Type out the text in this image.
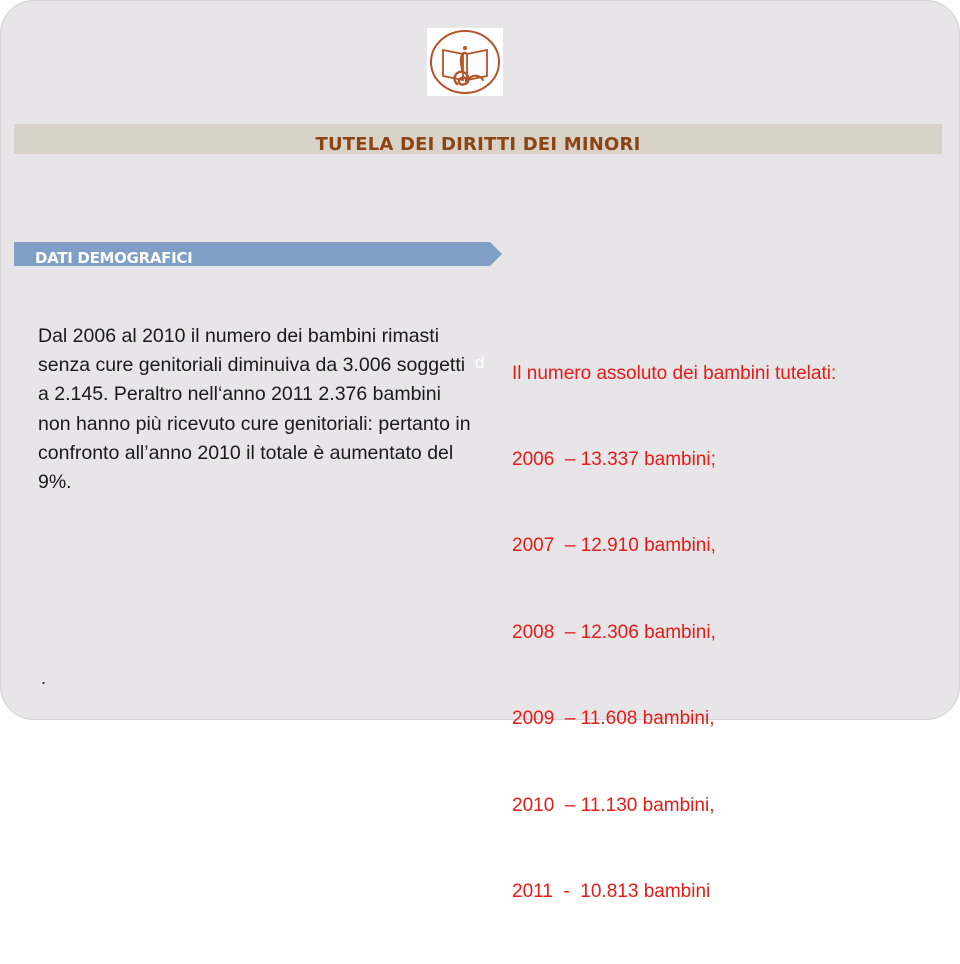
TUTELA DEI DIRITTI DEI MINORI
DATI DEMOGRAFICI

Dal 2006 al 2010 il numero dei bambini rimasti senza cure genitoriali diminuiva da 3.006 soggetti a 2.145. Peraltro nell‘anno 2011 2.376 bambini non hanno più ricevuto cure genitoriali: pertanto in confronto all’anno 2010 il totale è aumentato del 9%.

d

Il numero assoluto dei bambini tutelati:

2006  – 13.337 bambini;

2007  – 12.910 bambini,

2008  – 12.306 bambini,

2009  – 11.608 bambini,

2010  – 11.130 bambini,

2011  -  10.813 bambini

.
